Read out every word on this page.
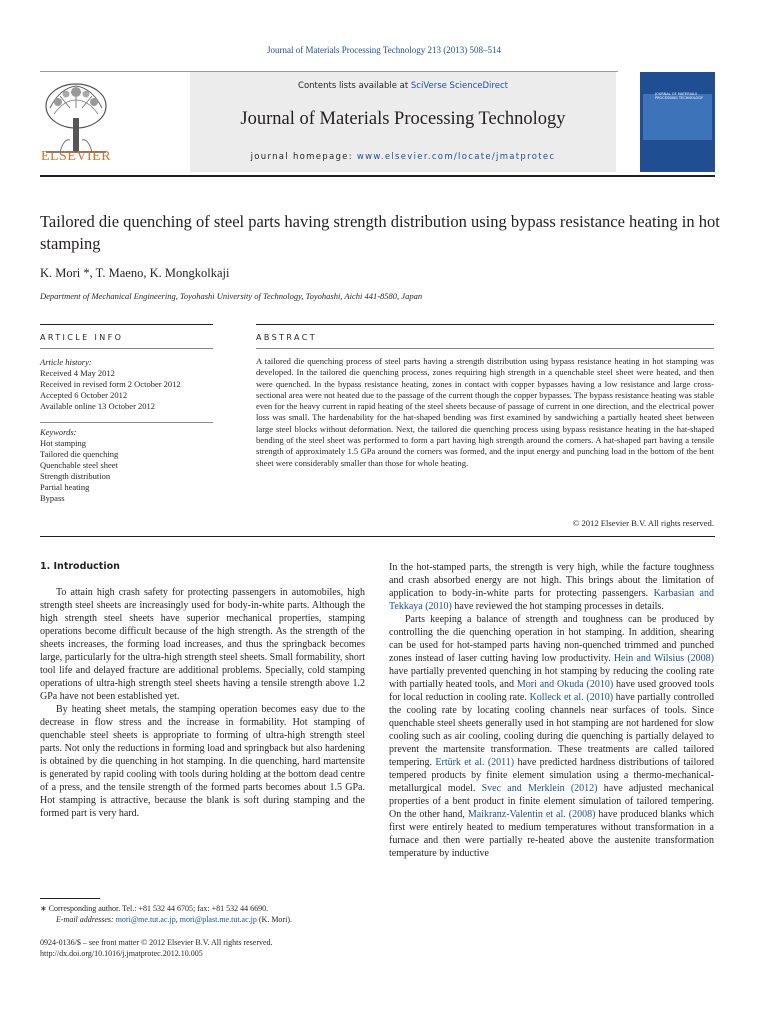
Journal of Materials Processing Technology 213 (2013) 508–514
Contents lists available at SciVerse ScienceDirect
Journal of Materials Processing Technology
journal homepage: www.elsevier.com/locate/jmatprotec
ELSEVIER
JOURNAL OF MATERIALS PROCESSING TECHNOLOGY
Tailored die quenching of steel parts having strength distribution using bypass resistance heating in hot stamping
K. Mori *, T. Maeno, K. Mongkolkaji
Department of Mechanical Engineering, Toyohashi University of Technology, Toyohashi, Aichi 441-8580, Japan
ARTICLE INFO	ABSTRACT
Article history:
Received 4 May 2012
Received in revised form 2 October 2012
Accepted 6 October 2012
Available online 13 October 2012
Keywords:
Hot stamping
Tailored die quenching
Quenchable steel sheet
Strength distribution
Partial heating
Bypass
A tailored die quenching process of steel parts having a strength distribution using bypass resistance heating in hot stamping was developed. In the tailored die quenching process, zones requiring high strength in a quenchable steel sheet were heated, and then were quenched. In the bypass resistance heating, zones in contact with copper bypasses having a low resistance and large cross-sectional area were not heated due to the passage of the current though the copper bypasses. The bypass resistance heating was stable even for the heavy current in rapid heating of the steel sheets because of passage of current in one direction, and the electrical power loss was small. The hardenability for the hat-shaped bending was first examined by sandwiching a partially heated sheet between large steel blocks without deformation. Next, the tailored die quenching process using bypass resistance heating in the hat-shaped bending of the steel sheet was performed to form a part having high strength around the corners. A hat-shaped part having a tensile strength of approximately 1.5 GPa around the corners was formed, and the input energy and punching load in the bottom of the bent sheet were considerably smaller than those for whole heating.
© 2012 Elsevier B.V. All rights reserved.
1. Introduction

To attain high crash safety for protecting passengers in automobiles, high strength steel sheets are increasingly used for body-in-white parts. Although the high strength steel sheets have superior mechanical properties, stamping operations become difficult because of the high strength. As the strength of the sheets increases, the forming load increases, and thus the springback becomes large, particularly for the ultra-high strength steel sheets. Small formability, short tool life and delayed fracture are additional problems. Specially, cold stamping operations of ultra-high strength steel sheets having a tensile strength above 1.2 GPa have not been established yet.

By heating sheet metals, the stamping operation becomes easy due to the decrease in flow stress and the increase in formability. Hot stamping of quenchable steel sheets is appropriate to forming of ultra-high strength steel parts. Not only the reductions in forming load and springback but also hardening is obtained by die quenching in hot stamping. In die quenching, hard martensite is generated by rapid cooling with tools during holding at the bottom dead centre of a press, and the tensile strength of the formed parts becomes about 1.5 GPa. Hot stamping is attractive, because the blank is soft during stamping and the formed part is very hard.

In the hot-stamped parts, the strength is very high, while the facture toughness and crash absorbed energy are not high. This brings about the limitation of application to body-in-white parts for protecting passengers. Karbasian and Tekkaya (2010) have reviewed the hot stamping processes in details.

Parts keeping a balance of strength and toughness can be produced by controlling the die quenching operation in hot stamping. In addition, shearing can be used for hot-stamped parts having non-quenched trimmed and punched zones instead of laser cutting having low productivity. Hein and Wilsius (2008) have partially prevented quenching in hot stamping by reducing the cooling rate with partially heated tools, and Mori and Okuda (2010) have used grooved tools for local reduction in cooling rate. Kolleck et al. (2010) have partially controlled the cooling rate by locating cooling channels near surfaces of tools. Since quenchable steel sheets generally used in hot stamping are not hardened for slow cooling such as air cooling, cooling during die quenching is partially delayed to prevent the martensite transformation. These treatments are called tailored tempering. Ertürk et al. (2011) have predicted hardness distributions of tailored tempered products by finite element simulation using a thermo-mechanical-metallurgical model. Svec and Merklein (2012) have adjusted mechanical properties of a bent product in finite element simulation of tailored tempering. On the other hand, Maikranz-Valentin et al. (2008) have produced blanks which first were entirely heated to medium temperatures without transformation in a furnace and then were partially re-heated above the austenite transformation temperature by inductive

∗ Corresponding author. Tel.: +81 532 44 6705; fax: +81 532 44 6690.
E-mail addresses: mori@me.tut.ac.jp, mori@plast.me.tut.ac.jp (K. Mori).
0924-0136/$ – see front matter © 2012 Elsevier B.V. All rights reserved.
http://dx.doi.org/10.1016/j.jmatprotec.2012.10.005
